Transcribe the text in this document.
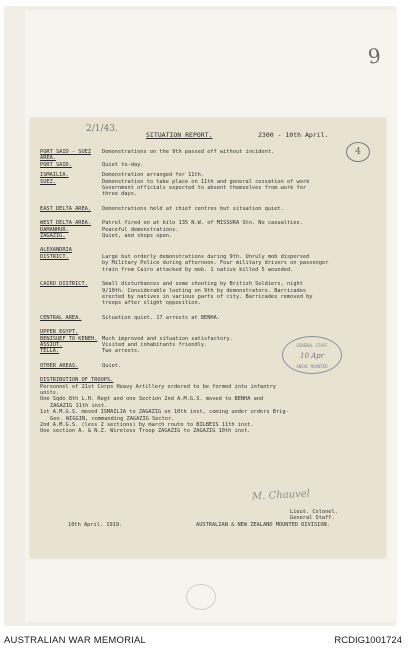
9
2/1/43.
SITUATION REPORT.	2300 - 10th April.
4
PORT SAID - SUEZ AREA.
Demonstrations on the 9th passed off without incident.
PORT SAID.	Quiet to-day.
ISMAILIA.	Demonstration arranged for 11th.
SUEZ.	Demonstration to take place on 11th and general cessation of work
Government officials expected to absent themselves from work for
three days.
EAST DELTA AREA.	Demonstrations held at chief centres but situation quiet.
WEST DELTA AREA.	Patrol fired on at kilo 135 N.W. of MISSURA Stn. No casualties.
DAMANHUR.	Peaceful demonstrations.
ZAGAZIG.	Quiet, and shops open.
ALEXANDRIA DISTRICT.
	Large but orderly demonstrations during 9th. Unruly mob dispersed
by Military Police during afternoon. Four military drivers on passenger
train from Cairo attacked by mob. 1 native killed 5 wounded.
CAIRO DISTRICT.	Small disturbances and some shooting by British Soldiers, night
9/10th. Considerable looting on 9th by demonstrators. Barricades
erected by natives in various parts of city. Barricades removed by
troops after slight opposition.
CENTRAL AREA.	Situation quiet. 17 arrests at BENHA.
UPPER EGYPT.
BENISUEF TO KENEH. Much improved and situation satisfactory.
ASSIUT.	Visited and inhabitants friendly.
TELLA.	Two arrests.
OTHER AREAS.	Quiet.
DISTRIBUTION OF TROOPS.
Personnel of 21st Corps Heavy Artillery ordered to be formed into infantry
units.
One Sqdn 8th L.H. Regt and one Section 2nd A.M.G.S. moved to BENHA and
ZAGAZIG 11th inst.
1st A.M.G.S. moved ISMAILIA to ZAGAZIG on 10th inst, coming under orders Brig-
Gen. WIGGIN, commanding ZAGAZIG Sector.
2nd A.M.G.S. (less 2 sections) by march route to BILBEIS 11th inst.
One section A. & N.Z. Wireless Troop ZAGAZIG to ZAGAZIG 10th inst.
GENERAL STAFF
10 Apr
ANZAC MOUNTED
M. Chauvel
Lieut. Colonel.
General Staff.
10th April. 1919.	AUSTRALIAN & NEW ZEALAND MOUNTED DIVISION.
AUSTRALIAN WAR MEMORIAL	RCDIG1001724
